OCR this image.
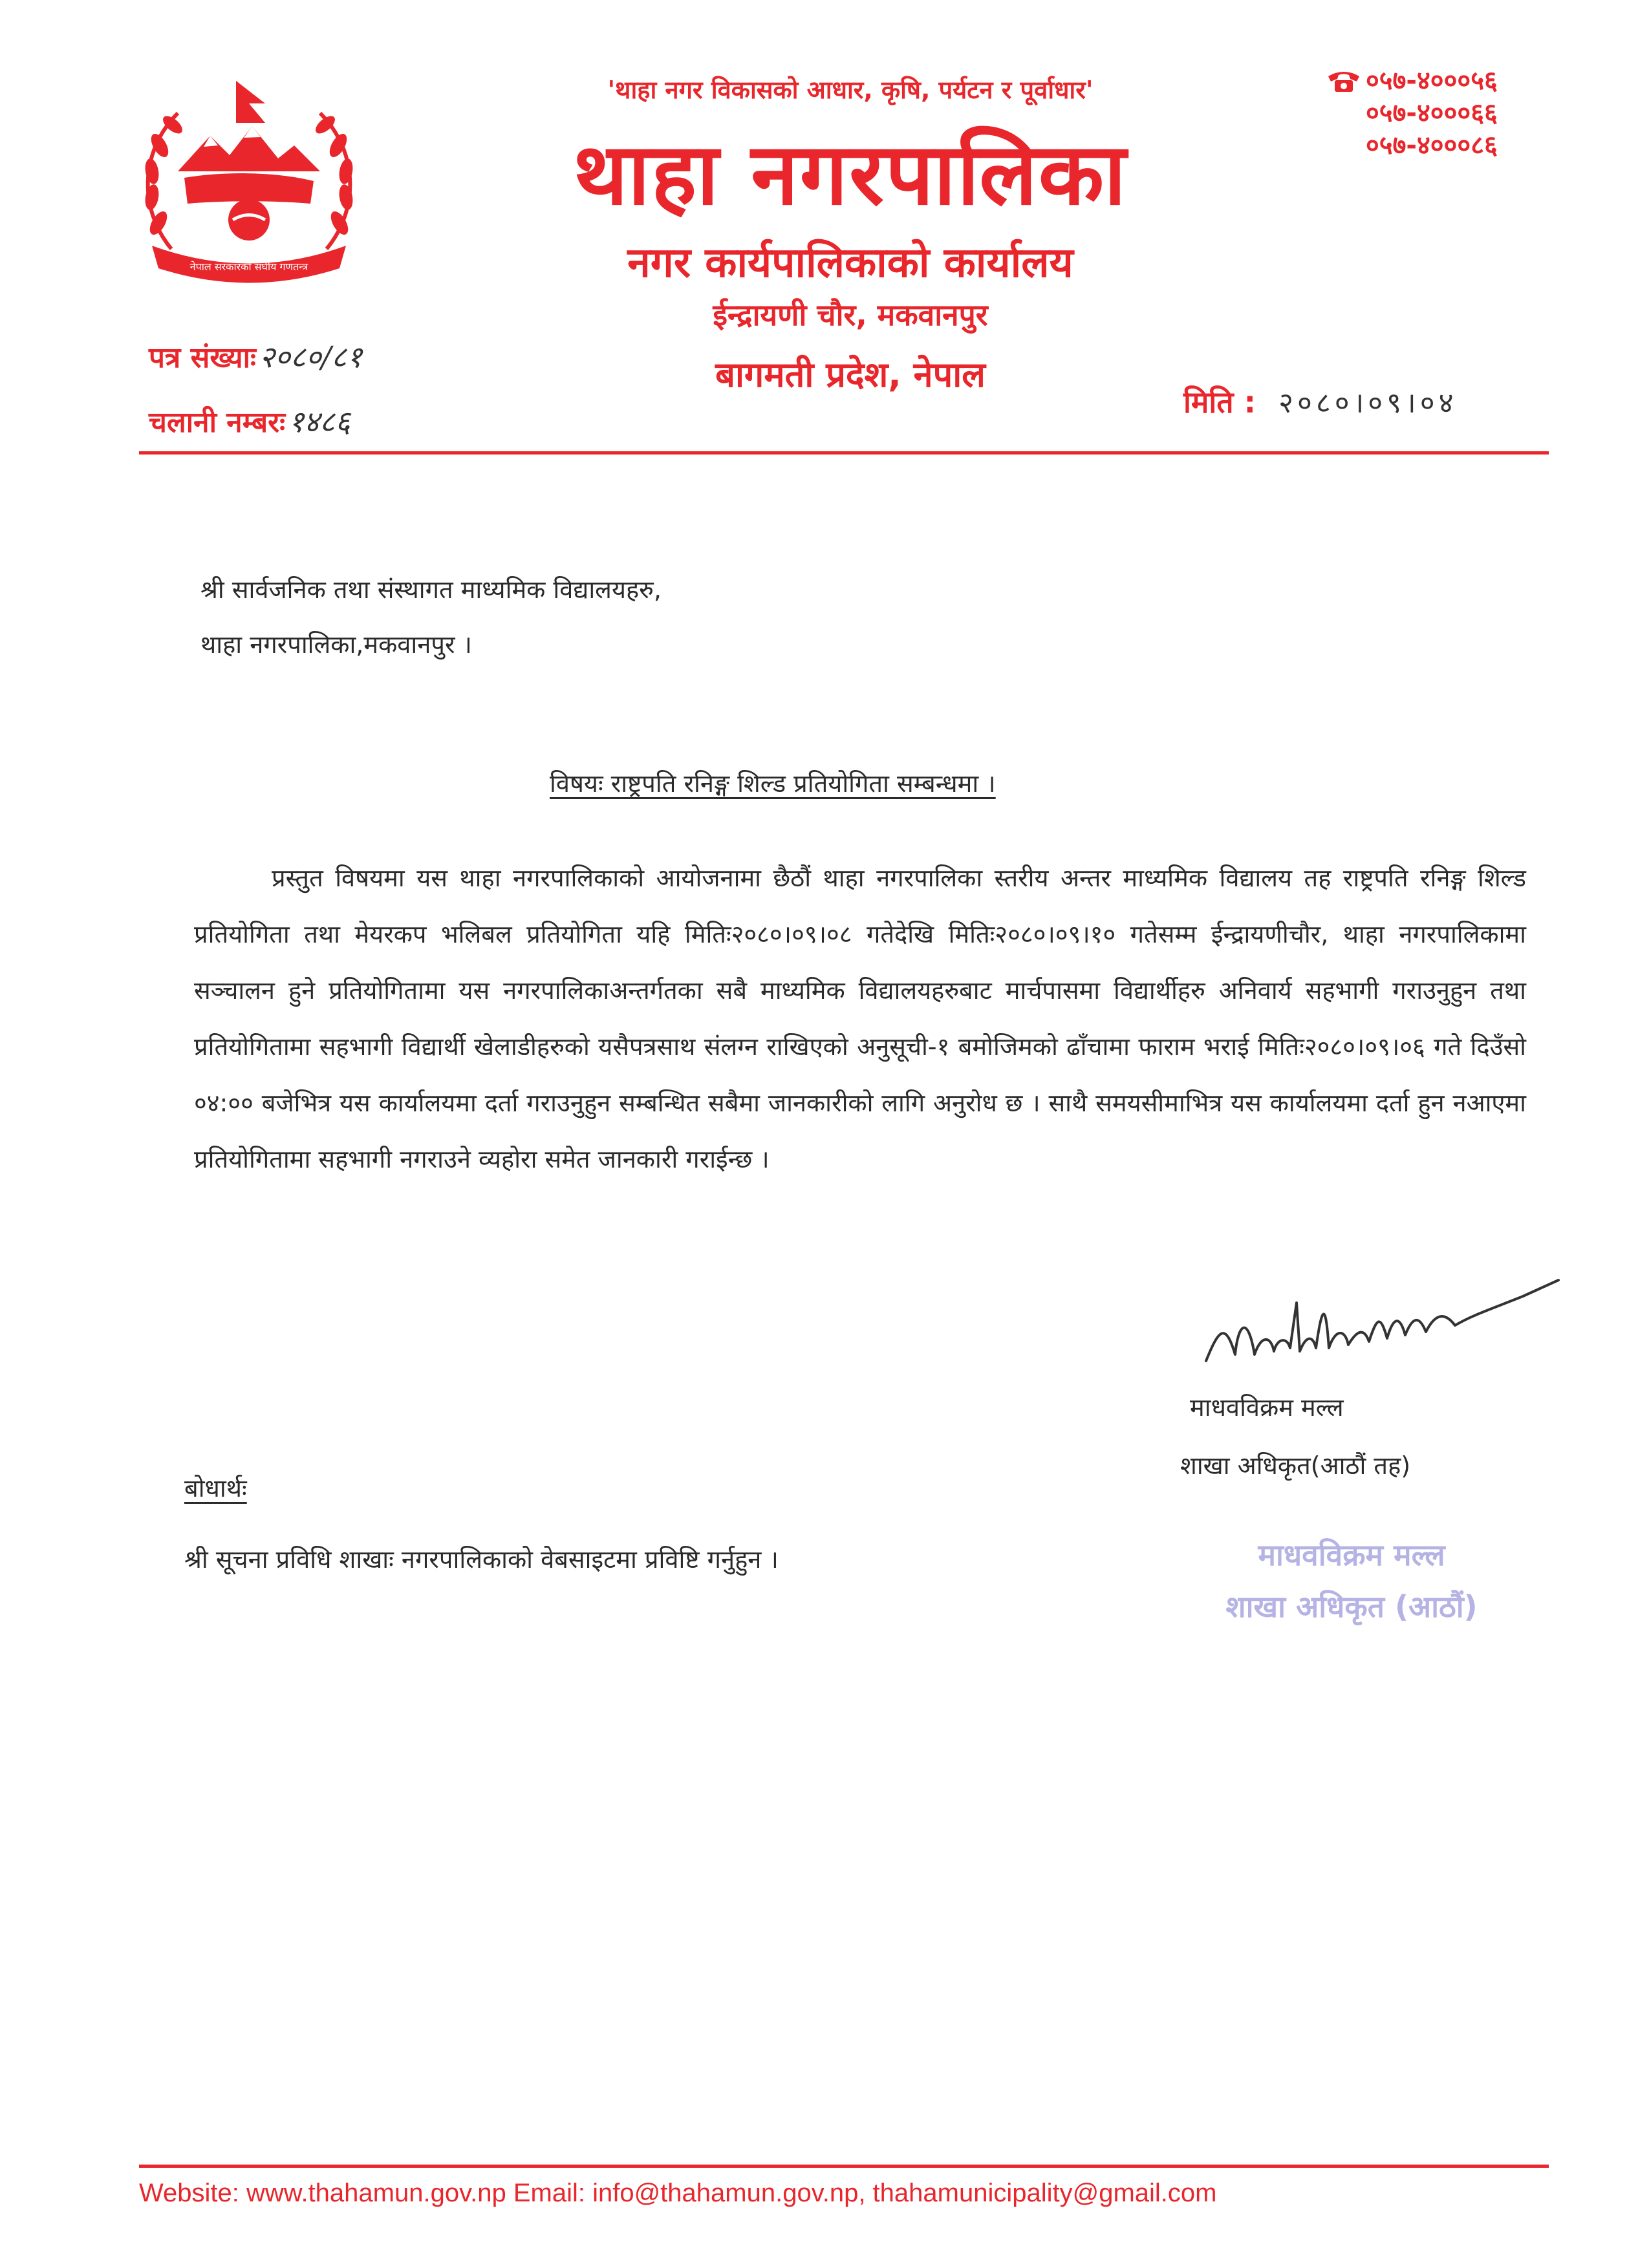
नेपाल सरकारको संघीय गणतन्त्र
'थाहा नगर विकासको आधार, कृषि, पर्यटन र पूर्वाधार'
थाहा नगरपालिका
नगर कार्यपालिकाको कार्यालय
ईन्द्रायणी चौर, मकवानपुर
बागमती प्रदेश, नेपाल
०५७-४०००५६
०५७-४०००६६
०५७-४०००८६
पत्र संख्याः २०८०/८१
चलानी नम्बरः १४८६
मिति : २०८०।०९।०४
श्री सार्वजनिक तथा संस्थागत माध्यमिक विद्यालयहरु,
थाहा नगरपालिका,मकवानपुर ।
विषयः राष्ट्रपति रनिङ्ग शिल्ड प्रतियोगिता सम्बन्धमा ।
प्रस्तुत विषयमा यस थाहा नगरपालिकाको आयोजनामा छैठौं थाहा नगरपालिका स्तरीय अन्तर माध्यमिक विद्यालय तह राष्ट्रपति रनिङ्ग शिल्ड प्रतियोगिता तथा मेयरकप भलिबल प्रतियोगिता यहि मितिः२०८०।०९।०८ गतेदेखि मितिः२०८०।०९।१० गतेसम्म ईन्द्रायणीचौर, थाहा नगरपालिकामा सञ्चालन हुने प्रतियोगितामा यस नगरपालिकाअन्तर्गतका सबै माध्यमिक विद्यालयहरुबाट मार्चपासमा विद्यार्थीहरु अनिवार्य सहभागी गराउनुहुन तथा प्रतियोगितामा सहभागी विद्यार्थी खेलाडीहरुको यसैपत्रसाथ संलग्न राखिएको अनुसूची-१ बमोजिमको ढाँचामा फाराम भराई मितिः२०८०।०९।०६ गते दिउँसो ०४:०० बजेभित्र यस कार्यालयमा दर्ता गराउनुहुन सम्बन्धित सबैमा जानकारीको लागि अनुरोध छ । साथै समयसीमाभित्र यस कार्यालयमा दर्ता हुन नआएमा प्रतियोगितामा सहभागी नगराउने व्यहोरा समेत जानकारी गराईन्छ ।
माधवविक्रम मल्ल
शाखा अधिकृत(आठौं तह)
बोधार्थः
श्री सूचना प्रविधि शाखाः नगरपालिकाको वेबसाइटमा प्रविष्टि गर्नुहुन ।	माधवविक्रम मल्ल
शाखा अधिकृत (आठौं)
Website: www.thahamun.gov.np Email: info@thahamun.gov.np, thahamunicipality@gmail.com
